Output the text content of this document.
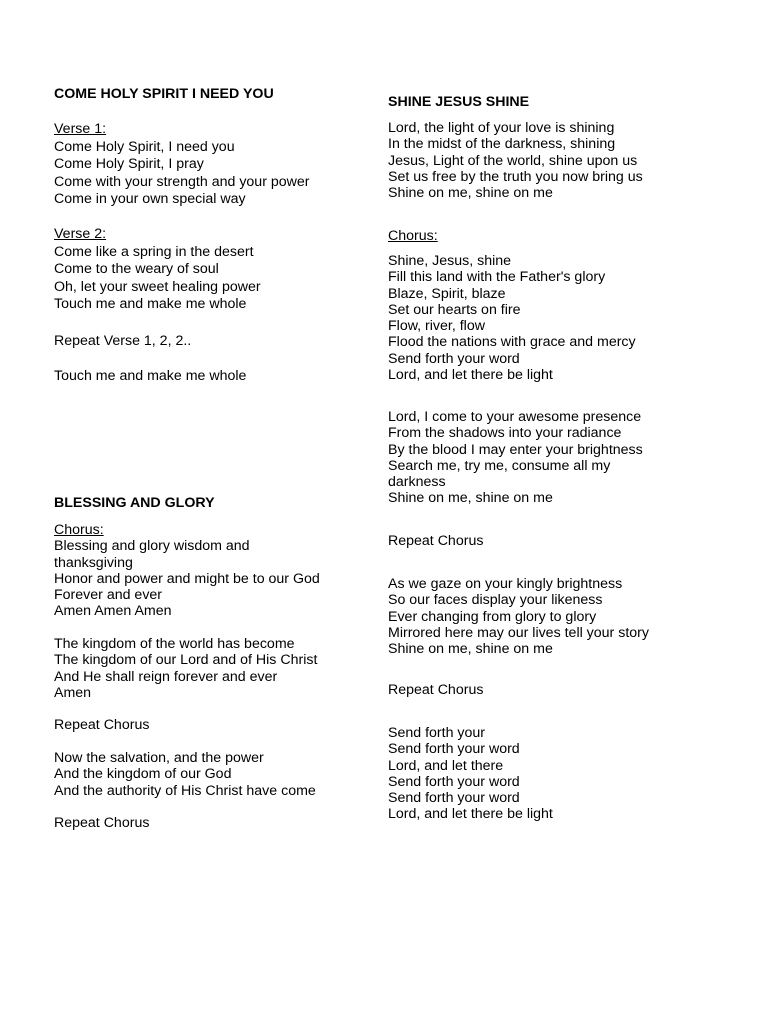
COME HOLY SPIRIT I NEED YOU
Verse 1:
Come Holy Spirit, I need you
Come Holy Spirit, I pray
Come with your strength and your power
Come in your own special way
Verse 2:
Come like a spring in the desert
Come to the weary of soul
Oh, let your sweet healing power
Touch me and make me whole
Repeat Verse 1, 2, 2..
Touch me and make me whole
BLESSING AND GLORY
Chorus:
Blessing and glory wisdom and
thanksgiving
Honor and power and might be to our God
Forever and ever
Amen Amen Amen
The kingdom of the world has become
The kingdom of our Lord and of His Christ
And He shall reign forever and ever
Amen
Repeat Chorus
Now the salvation, and the power
And the kingdom of our God
And the authority of His Christ have come
Repeat Chorus
SHINE JESUS SHINE
Lord, the light of your love is shining
In the midst of the darkness, shining
Jesus, Light of the world, shine upon us
Set us free by the truth you now bring us
Shine on me, shine on me
Chorus:
Shine, Jesus, shine
Fill this land with the Father's glory
Blaze, Spirit, blaze
Set our hearts on fire
Flow, river, flow
Flood the nations with grace and mercy
Send forth your word
Lord, and let there be light
Lord, I come to your awesome presence
From the shadows into your radiance
By the blood I may enter your brightness
Search me, try me, consume all my
darkness
Shine on me, shine on me
Repeat Chorus
As we gaze on your kingly brightness
So our faces display your likeness
Ever changing from glory to glory
Mirrored here may our lives tell your story
Shine on me, shine on me
Repeat Chorus
Send forth your
Send forth your word
Lord, and let there
Send forth your word
Send forth your word
Lord, and let there be light
